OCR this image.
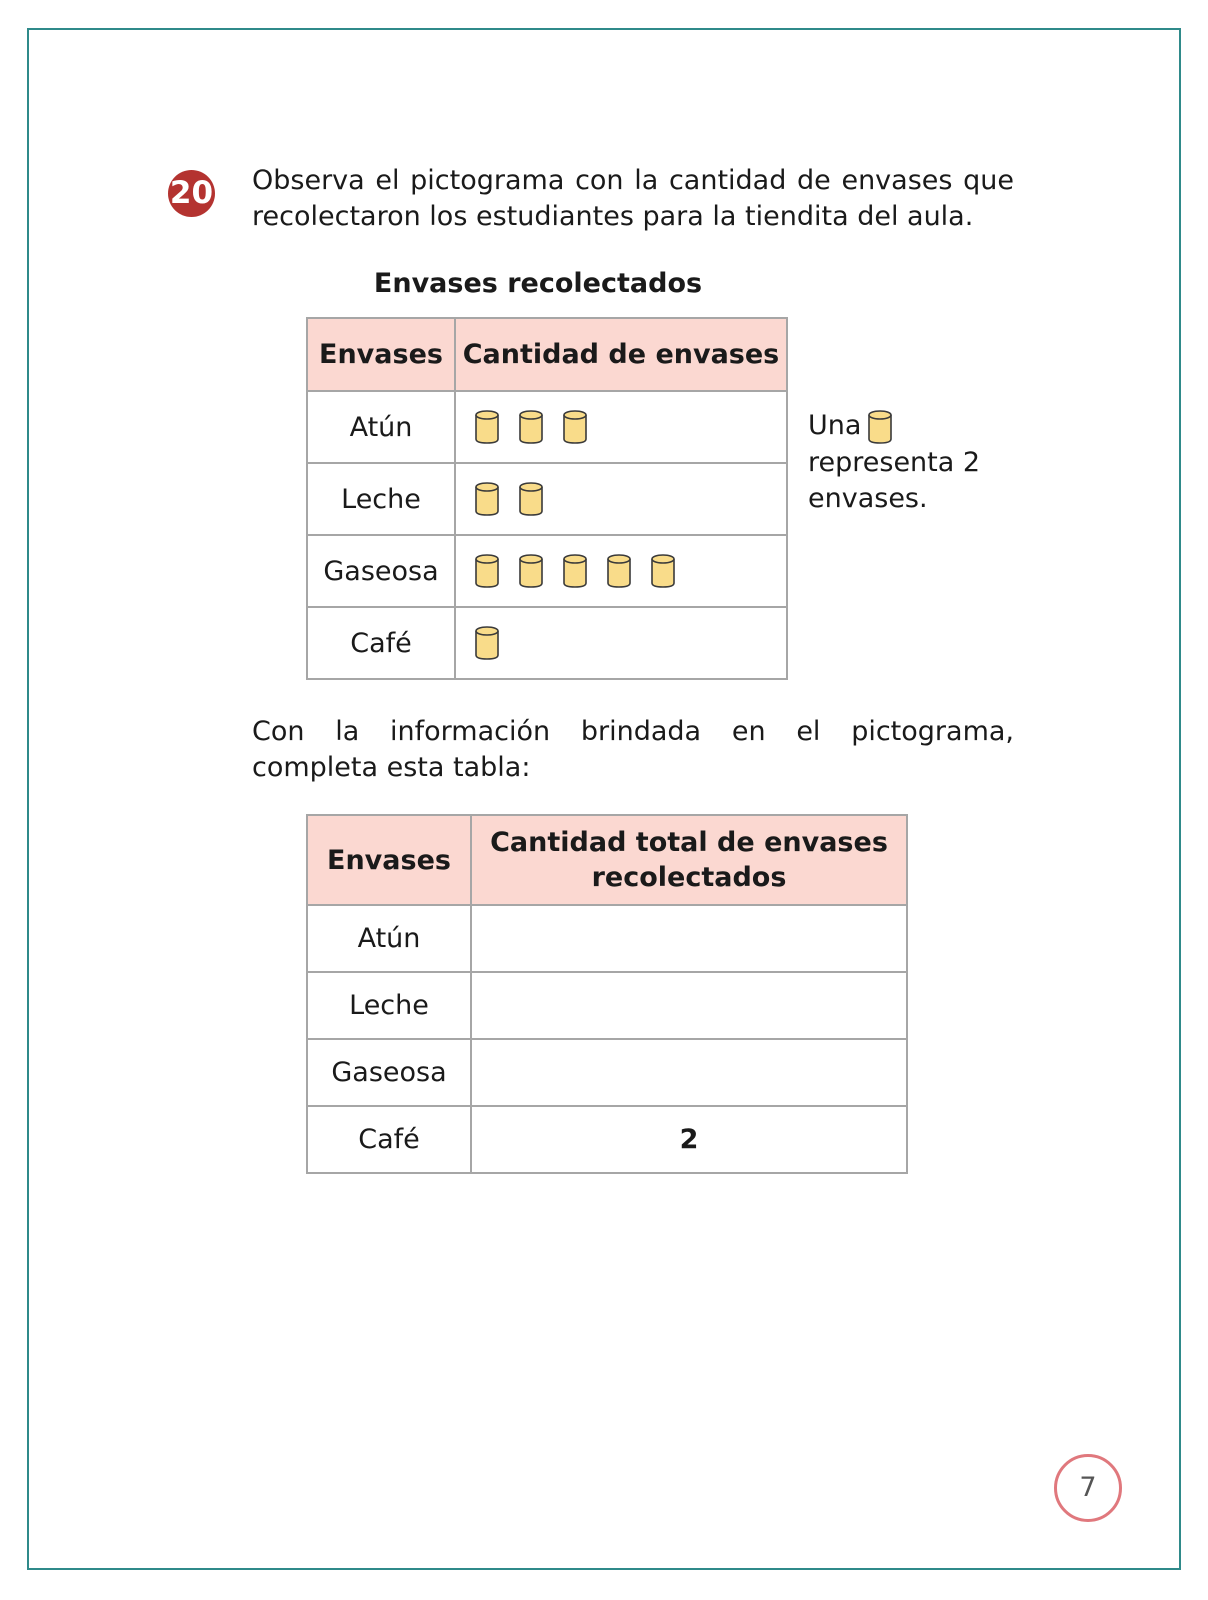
20 Observa el pictograma con la cantidad de envases que recolectaron los estudiantes para la tiendita del aula.
Envases recolectados
Envases	Cantidad de envases
Atún	

Leche	

Gaseosa	

Café	
Una
representa 2
envases.
Con la información brindada en el pictograma, completa esta tabla:
Envases	Cantidad total de envases recolectados
Atún	
Leche	
Gaseosa	
Café	2
7
